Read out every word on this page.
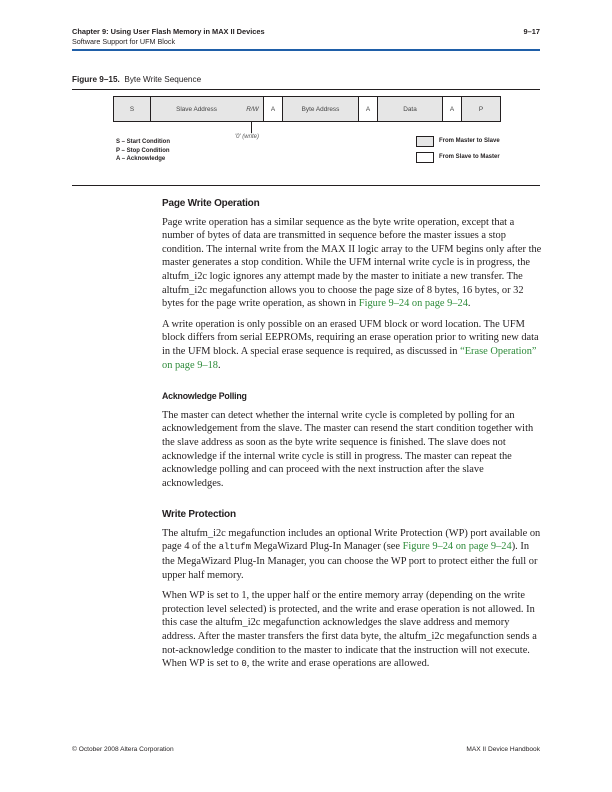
Chapter 9: Using User Flash Memory in MAX II Devices
Software Support for UFM Block
9–17
Figure 9–15. Byte Write Sequence
S	Slave Address	R/W	A	Byte Address	A	Data	A	P
'0' (write)
S – Start Condition
P – Stop Condition
A – Acknowledge
From Master to Slave
From Slave to Master
Page Write Operation

Page write operation has a similar sequence as the byte write operation, except that a number of bytes of data are transmitted in sequence before the master issues a stop condition. The internal write from the MAX II logic array to the UFM begins only after the master generates a stop condition. While the UFM internal write cycle is in progress, the altufm_i2c logic ignores any attempt made by the master to initiate a new transfer. The altufm_i2c megafunction allows you to choose the page size of 8 bytes, 16 bytes, or 32 bytes for the page write operation, as shown in Figure 9–24 on page 9–24.

A write operation is only possible on an erased UFM block or word location. The UFM block differs from serial EEPROMs, requiring an erase operation prior to writing new data in the UFM block. A special erase sequence is required, as discussed in “Erase Operation” on page 9–18.

Acknowledge Polling

The master can detect whether the internal write cycle is completed by polling for an acknowledgement from the slave. The master can resend the start condition together with the slave address as soon as the byte write sequence is finished. The slave does not acknowledge if the internal write cycle is still in progress. The master can repeat the acknowledge polling and can proceed with the next instruction after the slave acknowledges.

Write Protection

The altufm_i2c megafunction includes an optional Write Protection (WP) port available on page 4 of the altufm MegaWizard Plug-In Manager (see Figure 9–24 on page 9–24). In the MegaWizard Plug-In Manager, you can choose the WP port to protect either the full or upper half memory.

When WP is set to 1, the upper half or the entire memory array (depending on the write protection level selected) is protected, and the write and erase operation is not allowed. In this case the altufm_i2c megafunction acknowledges the slave address and memory address. After the master transfers the first data byte, the altufm_i2c megafunction sends a not-acknowledge condition to the master to indicate that the instruction will not execute. When WP is set to 0, the write and erase operations are allowed.

© October 2008 Altera Corporation	MAX II Device Handbook
